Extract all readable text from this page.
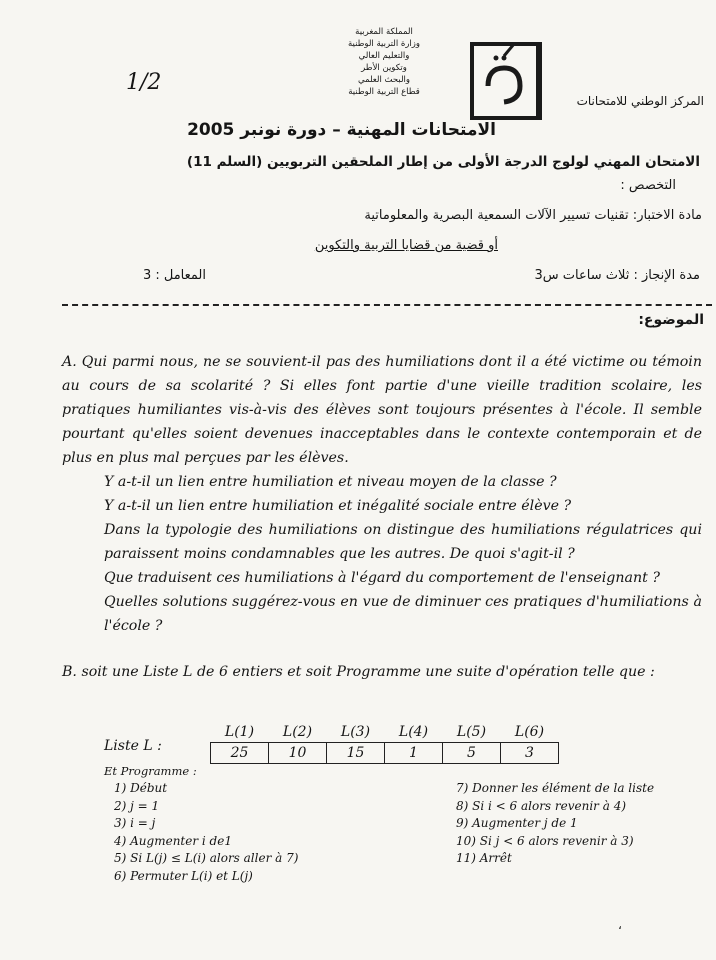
المملكة المغربية
وزارة التربية الوطنية
والتعليم العالي
وتكوين الأطر
والبحث العلمي
قطاع التربية الوطنية
المركز الوطني للامتحانات
1/2
الامتحانات المهنية – دورة نونبر 2005
الامتحان المهني لولوج الدرجة الأولى من إطار الملحقين التربويين (السلم 11)
التخصص :
مادة الاختبار: تقنيات تسيير الآلات السمعية البصرية والمعلوماتية
أو قضية من قضايا التربية والتكوين
مدة الإنجاز : ثلاث ساعات س3
المعامل : 3
الموضوع:

A. Qui parmi nous, ne se souvient-il pas des humiliations dont il a été victime ou témoin au cours de sa scolarité ? Si elles font partie d'une vieille tradition scolaire, les pratiques humiliantes vis-à-vis des élèves sont toujours présentes à l'école. Il semble pourtant qu'elles soient devenues inacceptables dans le contexte contemporain et de plus en plus mal perçues par les élèves.

Y a-t-il un lien entre humiliation et niveau moyen de la classe ?

Y a-t-il un lien entre humiliation et inégalité sociale entre élève ?

Dans la typologie des humiliations on distingue des humiliations régulatrices qui paraissent moins condamnables que les autres. De quoi s'agit-il ?

Que traduisent ces humiliations à l'égard du comportement de l'enseignant ?

Quelles solutions suggérez-vous en vue de diminuer ces pratiques d'humiliations à l'école ?

B. soit une Liste L de 6 entiers et soit Programme une suite d'opération telle que :
L(1)	L(2)	L(3)	L(4)	L(5)	L(6)
25	10	15	1	5	3
Liste L :
Et Programme :
1) Début
2) j = 1
3) i = j
4) Augmenter i de1
5) Si L(j) ≤ L(i) alors aller à 7)
6) Permuter L(i) et L(j)
7) Donner les élément de la liste
8) Si i < 6 alors revenir à 4)
9) Augmenter j de 1
10) Si j < 6 alors revenir à 3)
11) Arrêt
،
